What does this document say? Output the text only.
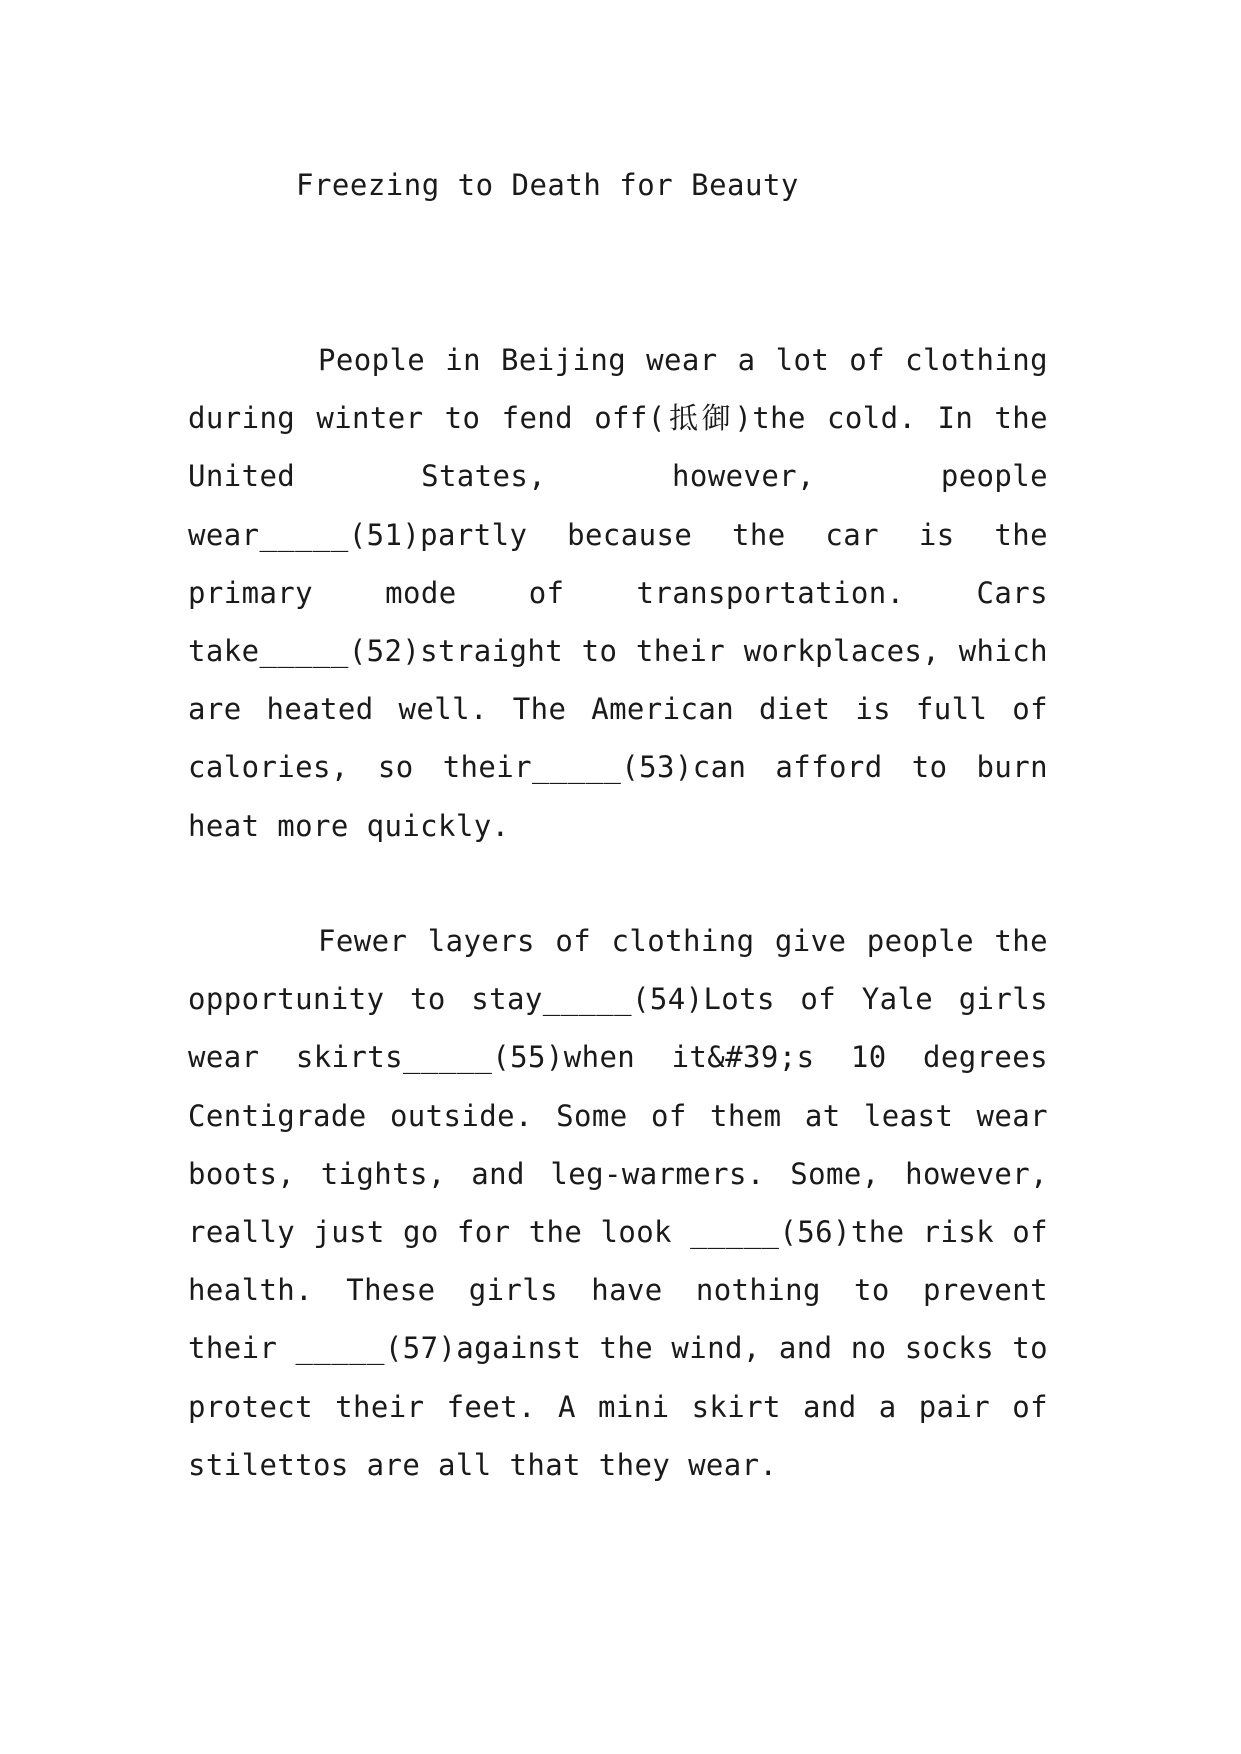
Freezing to Death for Beauty

People in Beijing wear a lot of clothing during winter to fend off(抵御)the cold. In the United States, however, people wear_____(51)partly because the car is the primary mode of transportation. Cars take_____(52)straight to their workplaces, which are heated well. The American diet is full of calories, so their_____(53)can afford to burn heat more quickly.

Fewer layers of clothing give people the opportunity to stay_____(54)Lots of Yale girls wear skirts_____(55)when it&#39;s 10 degrees Centigrade outside. Some of them at least wear boots, tights, and leg-warmers. Some, however, really just go for the look _____(56)the risk of health. These girls have nothing to prevent their _____(57)against the wind, and no socks to protect their feet. A mini skirt and a pair of stilettos are all that they wear.
